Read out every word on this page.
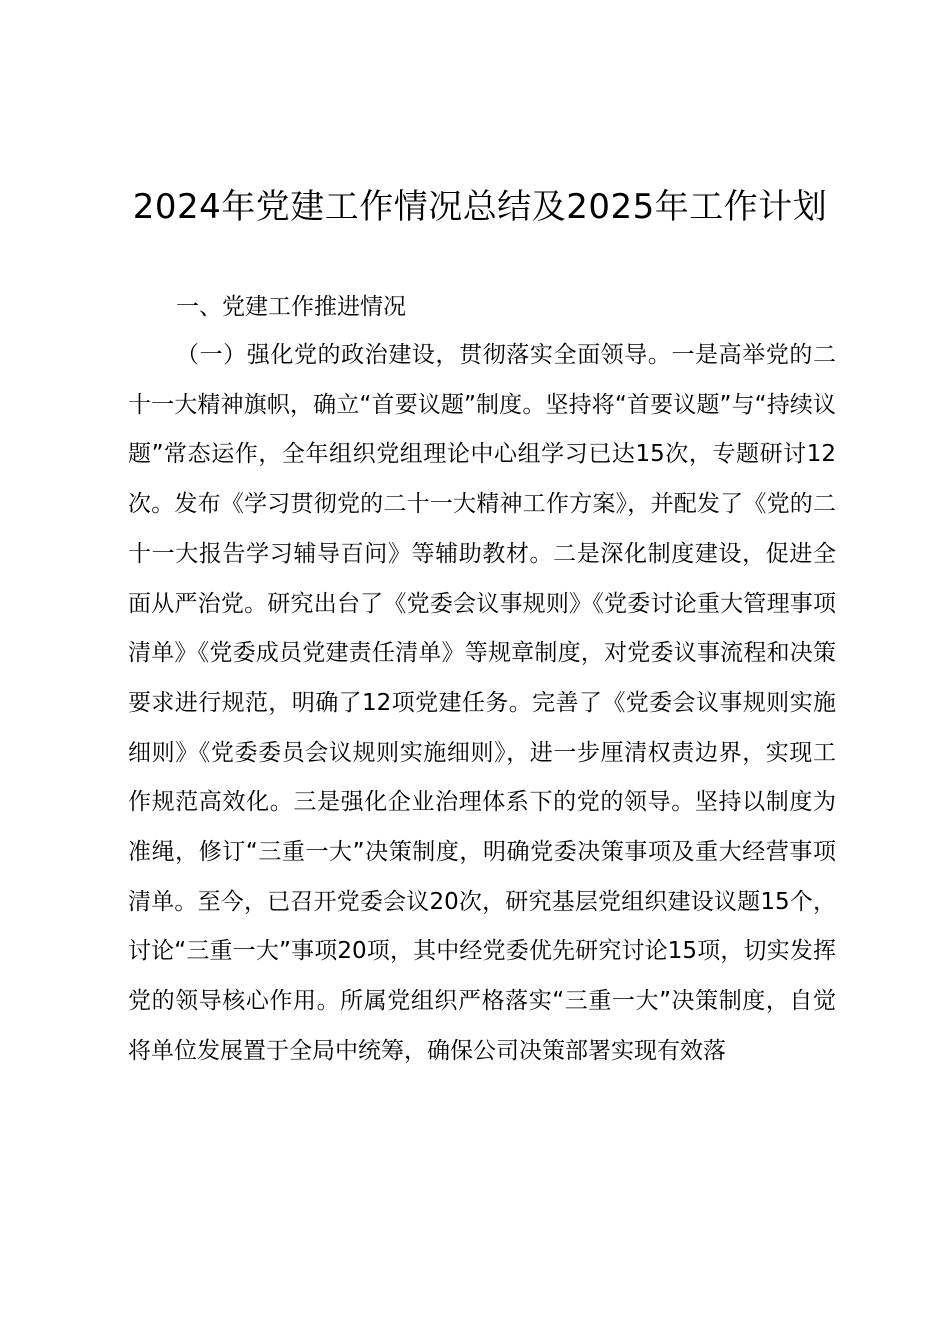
2024年党建工作情况总结及2025年工作计划

一、党建工作推进情况

（一）强化党的政治建设，贯彻落实全面领导。一是高举党的二十一大精神旗帜，确立“首要议题”制度。坚持将“首要议题”与“持续议题”常态运作，全年组织党组理论中心组学习已达15次，专题研讨12次。发布《学习贯彻党的二十一大精神工作方案》，并配发了《党的二十一大报告学习辅导百问》等辅助教材。二是深化制度建设，促进全面从严治党。研究出台了《党委会议事规则》《党委讨论重大管理事项清单》《党委成员党建责任清单》等规章制度，对党委议事流程和决策要求进行规范，明确了12项党建任务。完善了《党委会议事规则实施细则》《党委委员会议规则实施细则》，进一步厘清权责边界，实现工作规范高效化。三是强化企业治理体系下的党的领导。坚持以制度为准绳，修订“三重一大”决策制度，明确党委决策事项及重大经营事项清单。至今，已召开党委会议20次，研究基层党组织建设议题15个，讨论“三重一大”事项20项，其中经党委优先研究讨论15项，切实发挥党的领导核心作用。所属党组织严格落实“三重一大”决策制度，自觉将单位发展置于全局中统筹，确保公司决策部署实现有效落
